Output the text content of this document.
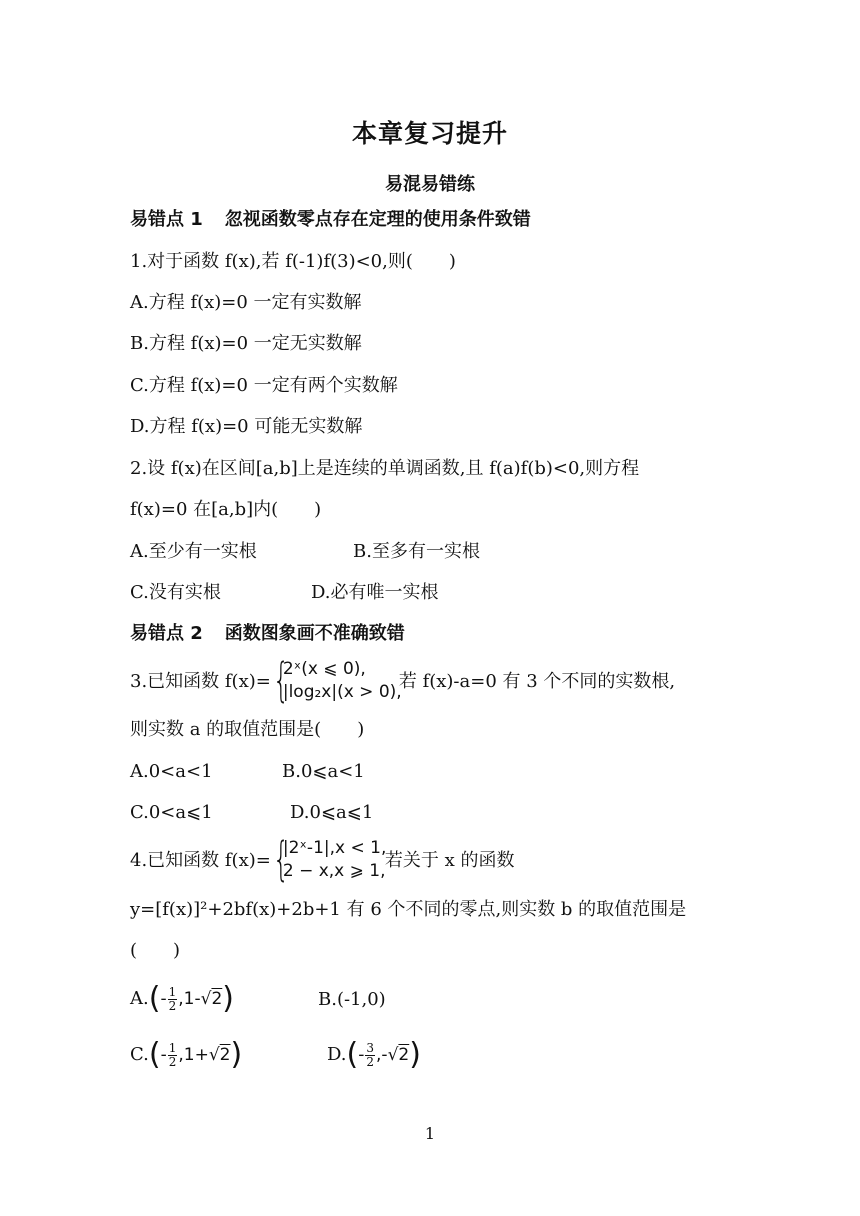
本章复习提升
易混易错练
易错点 1 忽视函数零点存在定理的使用条件致错
1.对于函数 f(x),若 f(-1)f(3)<0,则(　　)
A.方程 f(x)=0 一定有实数解
B.方程 f(x)=0 一定无实数解
C.方程 f(x)=0 一定有两个实数解
D.方程 f(x)=0 可能无实数解
2.设 f(x)在区间[a,b]上是连续的单调函数,且 f(a)f(b)<0,则方程
f(x)=0 在[a,b]内(　　)
A.至少有一实根	B.至多有一实根
C.没有实根	D.必有唯一实根
易错点 2 函数图象画不准确致错
3.已知函数 f(x)= {
2ˣ(x ⩽ 0),
|log₂x|(x > 0),
若 f(x)-a=0 有 3 个不同的实数根,
则实数 a 的取值范围是(　　)
A.0<a<1	B.0⩽a<1
C.0<a⩽1	D.0⩽a⩽1
4.已知函数 f(x)= {
|2ˣ-1|,x < 1,
2 − x,x ⩾ 1, 若关于 x 的函数
y=[f(x)]²+2bf(x)+2b+1 有 6 个不同的零点,则实数 b 的取值范围是
(　　)
$A.(- \frac{1}{2} ,1-√2)$	B.(-1,0)
$C.(- \frac{1}{2} ,1+√2)$	$D.(- \frac{3}{2} ,-√2)$
1
